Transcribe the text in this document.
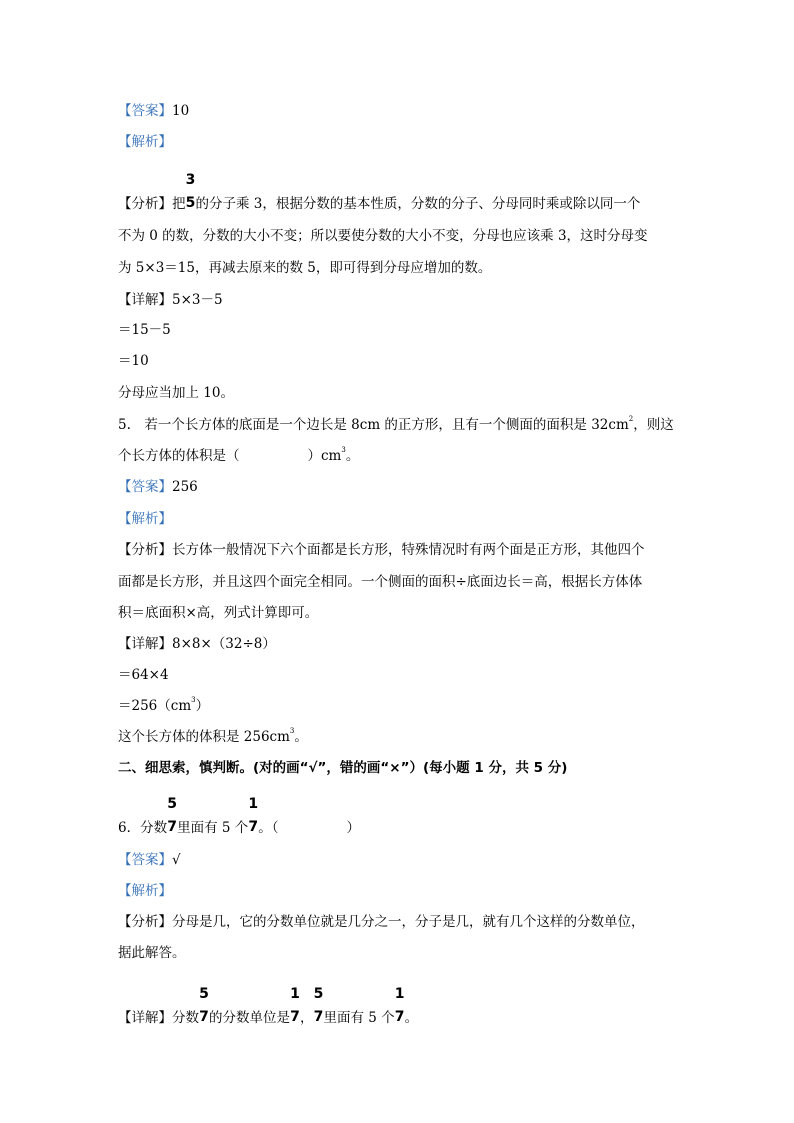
【答案】10
【解析】
【分析】把
3
5 的分子乘 3，根据分数的基本性质，分数的分子、分母同时乘或除以同一个
不为 0 的数，分数的大小不变；所以要使分数的大小不变，分母也应该乘 3，这时分母变
为 5×3＝15，再减去原来的数 5，即可得到分母应增加的数。
【详解】5×3－5
＝15－5
＝10
分母应当加上 10。
5.　若一个长方体的底面是一个边长是 8cm 的正方形，且有一个侧面的面积是 $32cm^2$，则这
个长方体的体积是（	）$cm^3$。
【答案】256
【解析】
【分析】长方体一般情况下六个面都是长方形，特殊情况时有两个面是正方形，其他四个
面都是长方形，并且这四个面完全相同。一个侧面的面积÷底面边长＝高，根据长方体体
积＝底面积×高，列式计算即可。
【详解】8×8×（32÷8）
＝64×4
$=256(cm^3)$
这个长方体的体积是 $256cm^3$。
二、细思索，慎判断。(对的画“√”，错的画“×”）(每小题 1 分，共 5 分)
6．分数
5
7 里面有 5 个
1
7 。（	）
【答案】√
【解析】
【分析】分母是几，它的分数单位就是几分之一，分子是几，就有几个这样的分数单位，
据此解答。
【详解】分数
5
7 的分数单位是
1
7 ，
5
7 里面有 5 个
1
7 。
